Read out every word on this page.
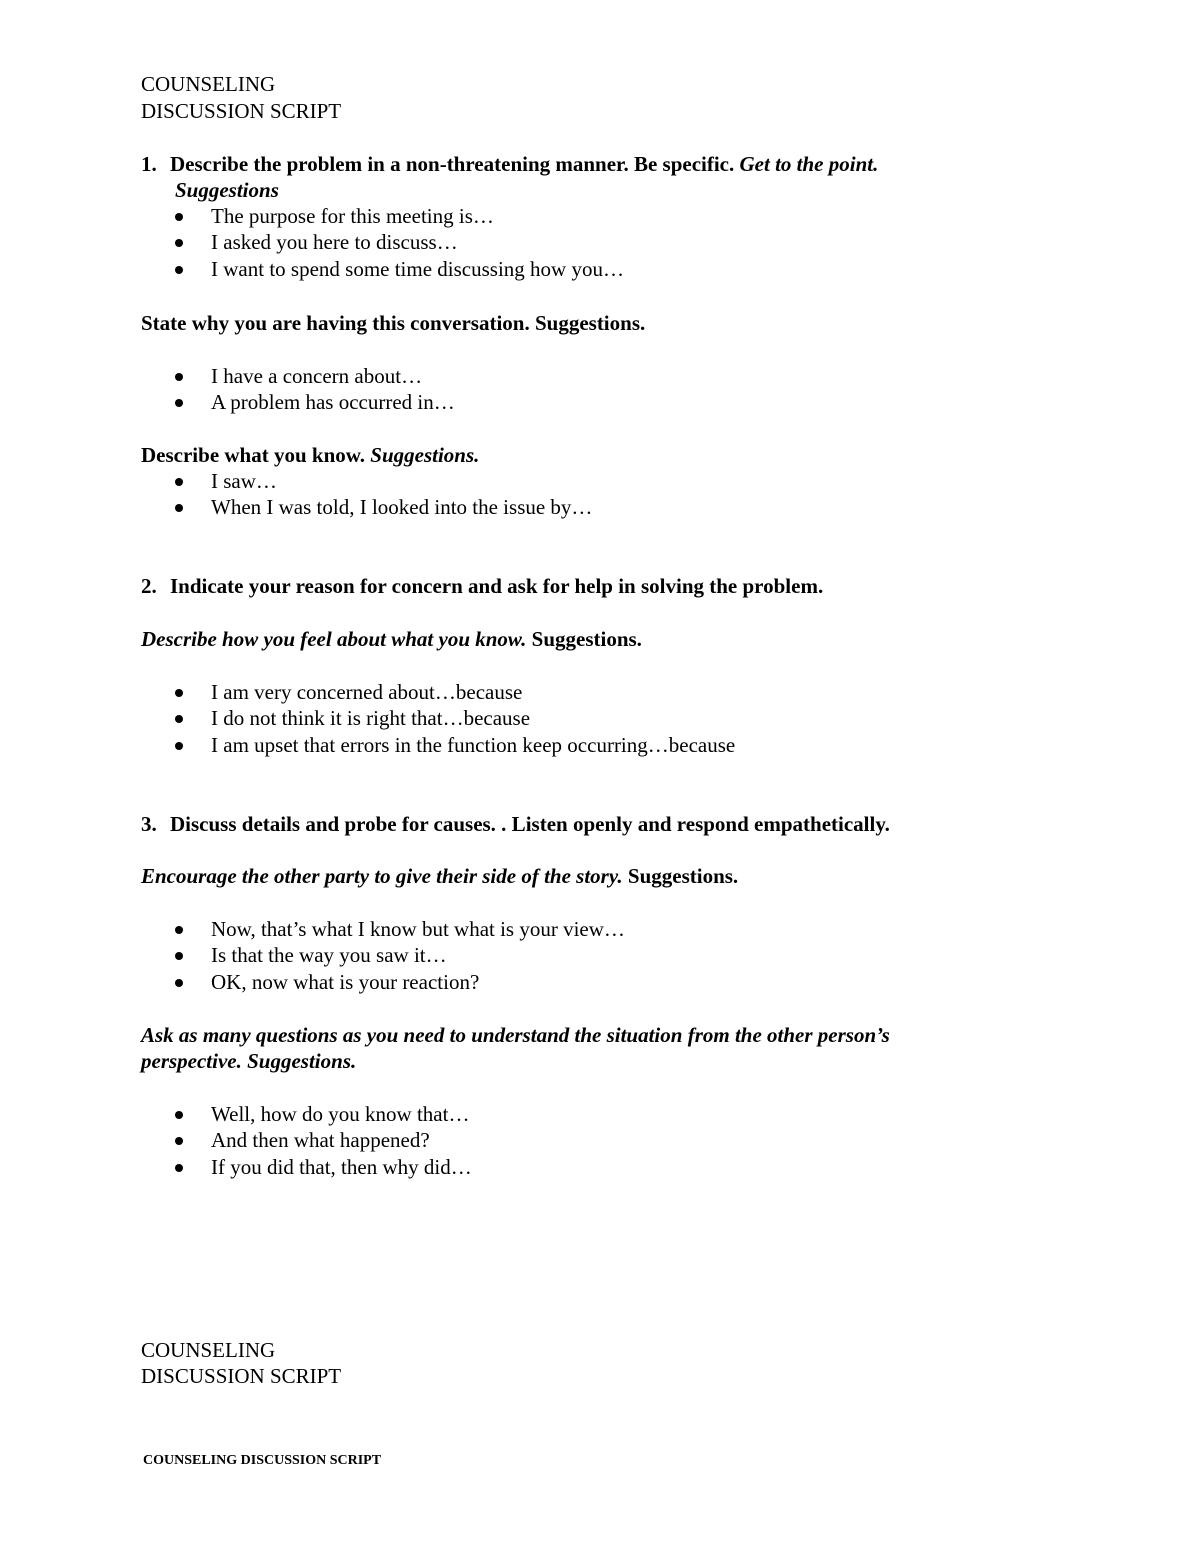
COUNSELING
DISCUSSION SCRIPT
1. Describe the problem in a non-threatening manner. Be specific. Get to the point.
Suggestions
The purpose for this meeting is…
I asked you here to discuss…
I want to spend some time discussing how you…
State why you are having this conversation. Suggestions.
I have a concern about…
A problem has occurred in…
Describe what you know. Suggestions.
I saw…
When I was told, I looked into the issue by…
2. Indicate your reason for concern and ask for help in solving the problem.
Describe how you feel about what you know. Suggestions.
I am very concerned about…because
I do not think it is right that…because
I am upset that errors in the function keep occurring…because
3. Discuss details and probe for causes. . Listen openly and respond empathetically.
Encourage the other party to give their side of the story. Suggestions.
Now, that’s what I know but what is your view…
Is that the way you saw it…
OK, now what is your reaction?
Ask as many questions as you need to understand the situation from the other person’s
perspective. Suggestions.
Well, how do you know that…
And then what happened?
If you did that, then why did…
COUNSELING
DISCUSSION SCRIPT
COUNSELING DISCUSSION SCRIPT
